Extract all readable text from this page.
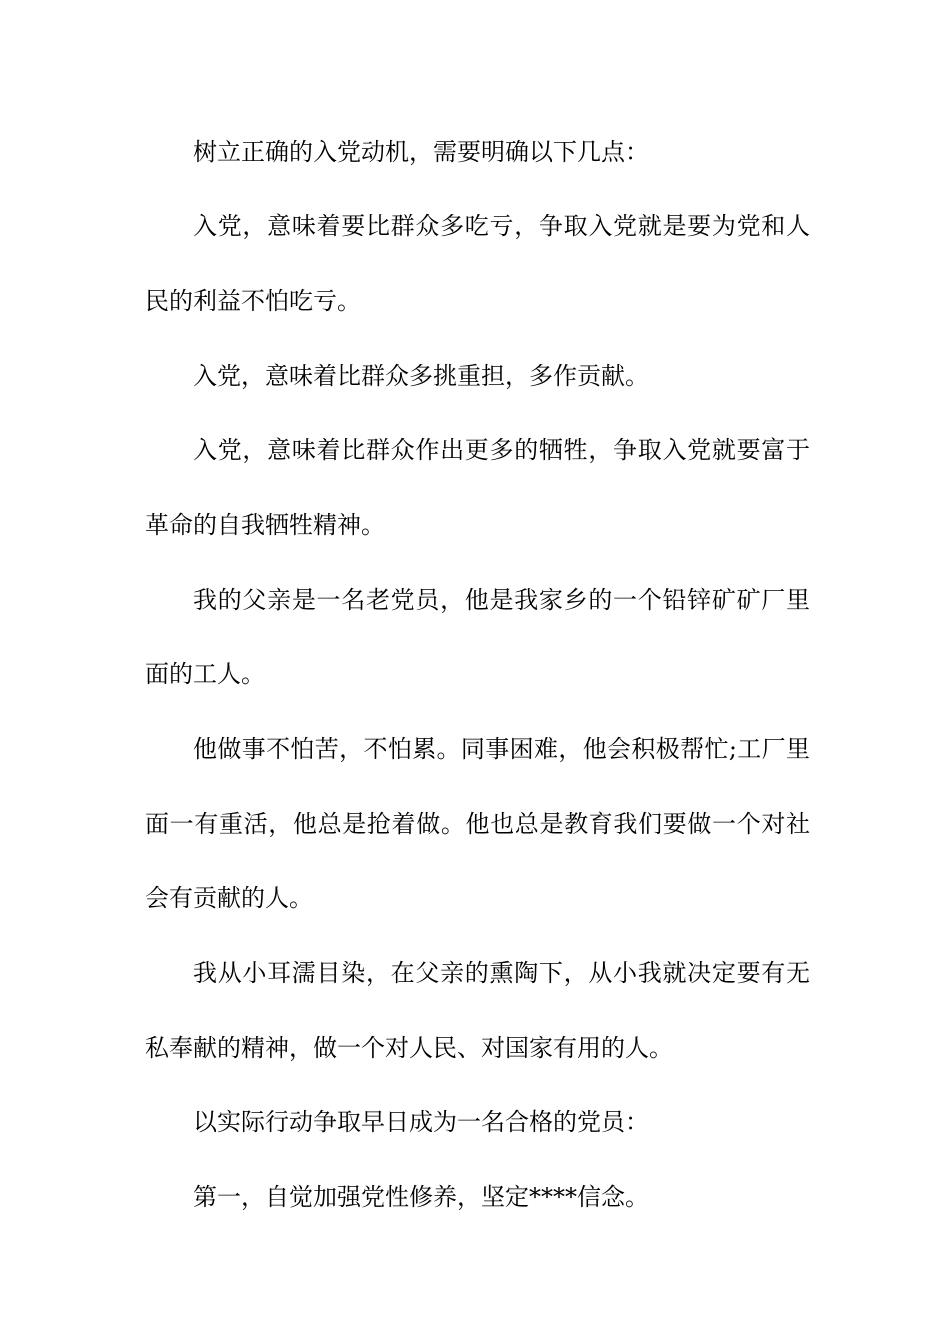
树立正确的入党动机，需要明确以下几点：
入党，意味着要比群众多吃亏，争取入党就是要为党和人
民的利益不怕吃亏。
入党，意味着比群众多挑重担，多作贡献。
入党，意味着比群众作出更多的牺牲，争取入党就要富于
革命的自我牺牲精神。
我的父亲是一名老党员，他是我家乡的一个铅锌矿矿厂里
面的工人。
他做事不怕苦，不怕累。同事困难，他会积极帮忙;工厂里
面一有重活，他总是抢着做。他也总是教育我们要做一个对社
会有贡献的人。
我从小耳濡目染，在父亲的熏陶下，从小我就决定要有无
私奉献的精神，做一个对人民、对国家有用的人。
以实际行动争取早日成为一名合格的党员：
第一，自觉加强党性修养，坚定****信念。
